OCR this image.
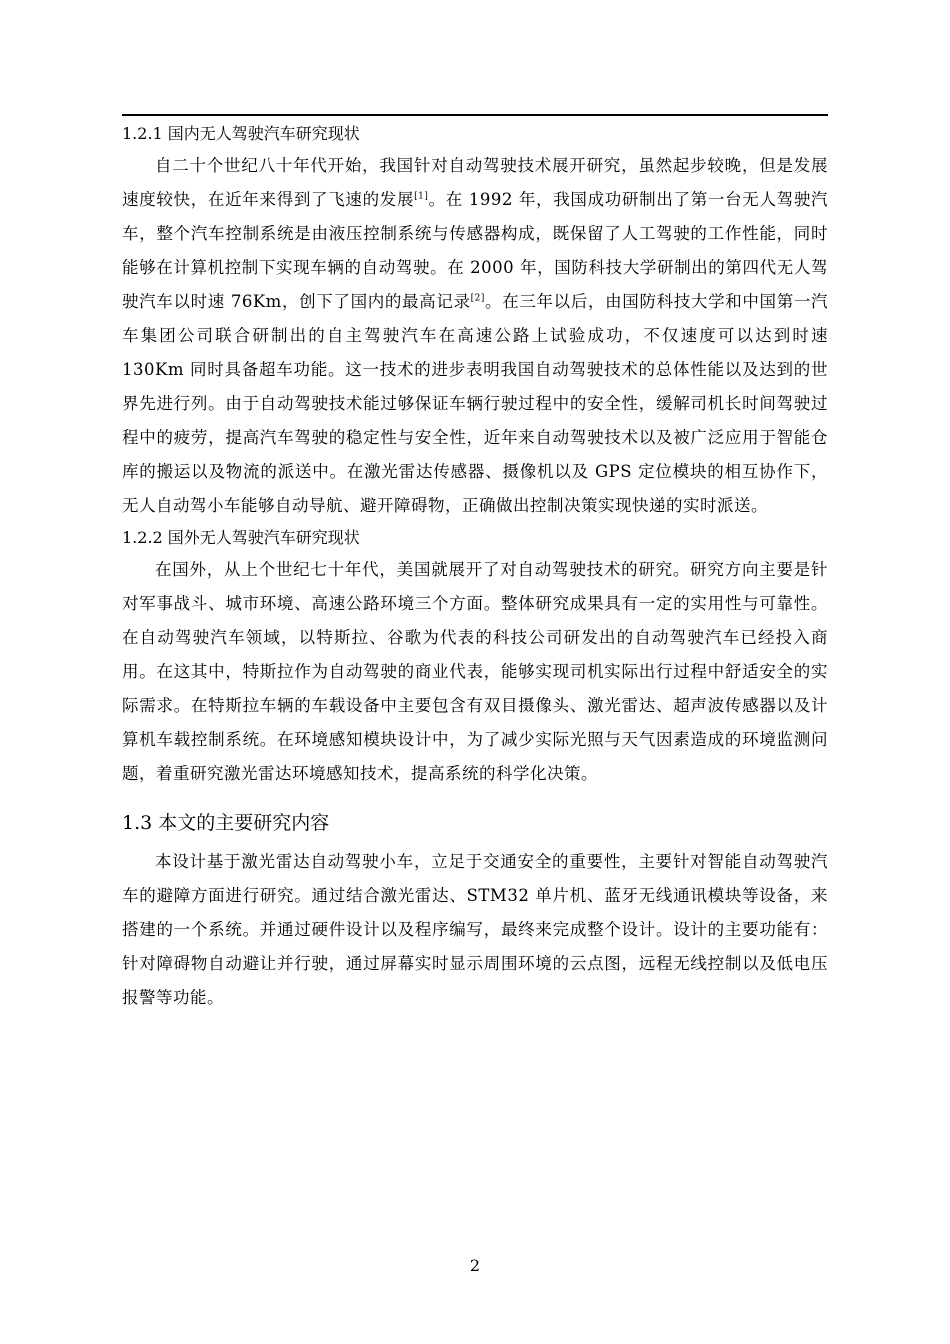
1.2.1 国内无人驾驶汽车研究现状

自二十个世纪八十年代开始，我国针对自动驾驶技术展开研究，虽然起步较晚，但是发展速度较快，在近年来得到了飞速的发展[1]。在 1992 年，我国成功研制出了第一台无人驾驶汽车，整个汽车控制系统是由液压控制系统与传感器构成，既保留了人工驾驶的工作性能，同时能够在计算机控制下实现车辆的自动驾驶。在 2000 年，国防科技大学研制出的第四代无人驾驶汽车以时速 76Km，创下了国内的最高记录[2]。在三年以后，由国防科技大学和中国第一汽车集团公司联合研制出的自主驾驶汽车在高速公路上试验成功，不仅速度可以达到时速 130Km 同时具备超车功能。这一技术的进步表明我国自动驾驶技术的总体性能以及达到的世界先进行列。由于自动驾驶技术能过够保证车辆行驶过程中的安全性，缓解司机长时间驾驶过程中的疲劳，提高汽车驾驶的稳定性与安全性，近年来自动驾驶技术以及被广泛应用于智能仓库的搬运以及物流的派送中。在激光雷达传感器、摄像机以及 GPS 定位模块的相互协作下，无人自动驾小车能够自动导航、避开障碍物，正确做出控制决策实现快递的实时派送。

1.2.2 国外无人驾驶汽车研究现状

在国外，从上个世纪七十年代，美国就展开了对自动驾驶技术的研究。研究方向主要是针对军事战斗、城市环境、高速公路环境三个方面。整体研究成果具有一定的实用性与可靠性。在自动驾驶汽车领域，以特斯拉、谷歌为代表的科技公司研发出的自动驾驶汽车已经投入商用。在这其中，特斯拉作为自动驾驶的商业代表，能够实现司机实际出行过程中舒适安全的实际需求。在特斯拉车辆的车载设备中主要包含有双目摄像头、激光雷达、超声波传感器以及计算机车载控制系统。在环境感知模块设计中，为了减少实际光照与天气因素造成的环境监测问题，着重研究激光雷达环境感知技术，提高系统的科学化决策。

1.3 本文的主要研究内容

本设计基于激光雷达自动驾驶小车，立足于交通安全的重要性，主要针对智能自动驾驶汽车的避障方面进行研究。通过结合激光雷达、STM32 单片机、蓝牙无线通讯模块等设备，来搭建的一个系统。并通过硬件设计以及程序编写，最终来完成整个设计。设计的主要功能有：针对障碍物自动避让并行驶，通过屏幕实时显示周围环境的云点图，远程无线控制以及低电压报警等功能。

2
